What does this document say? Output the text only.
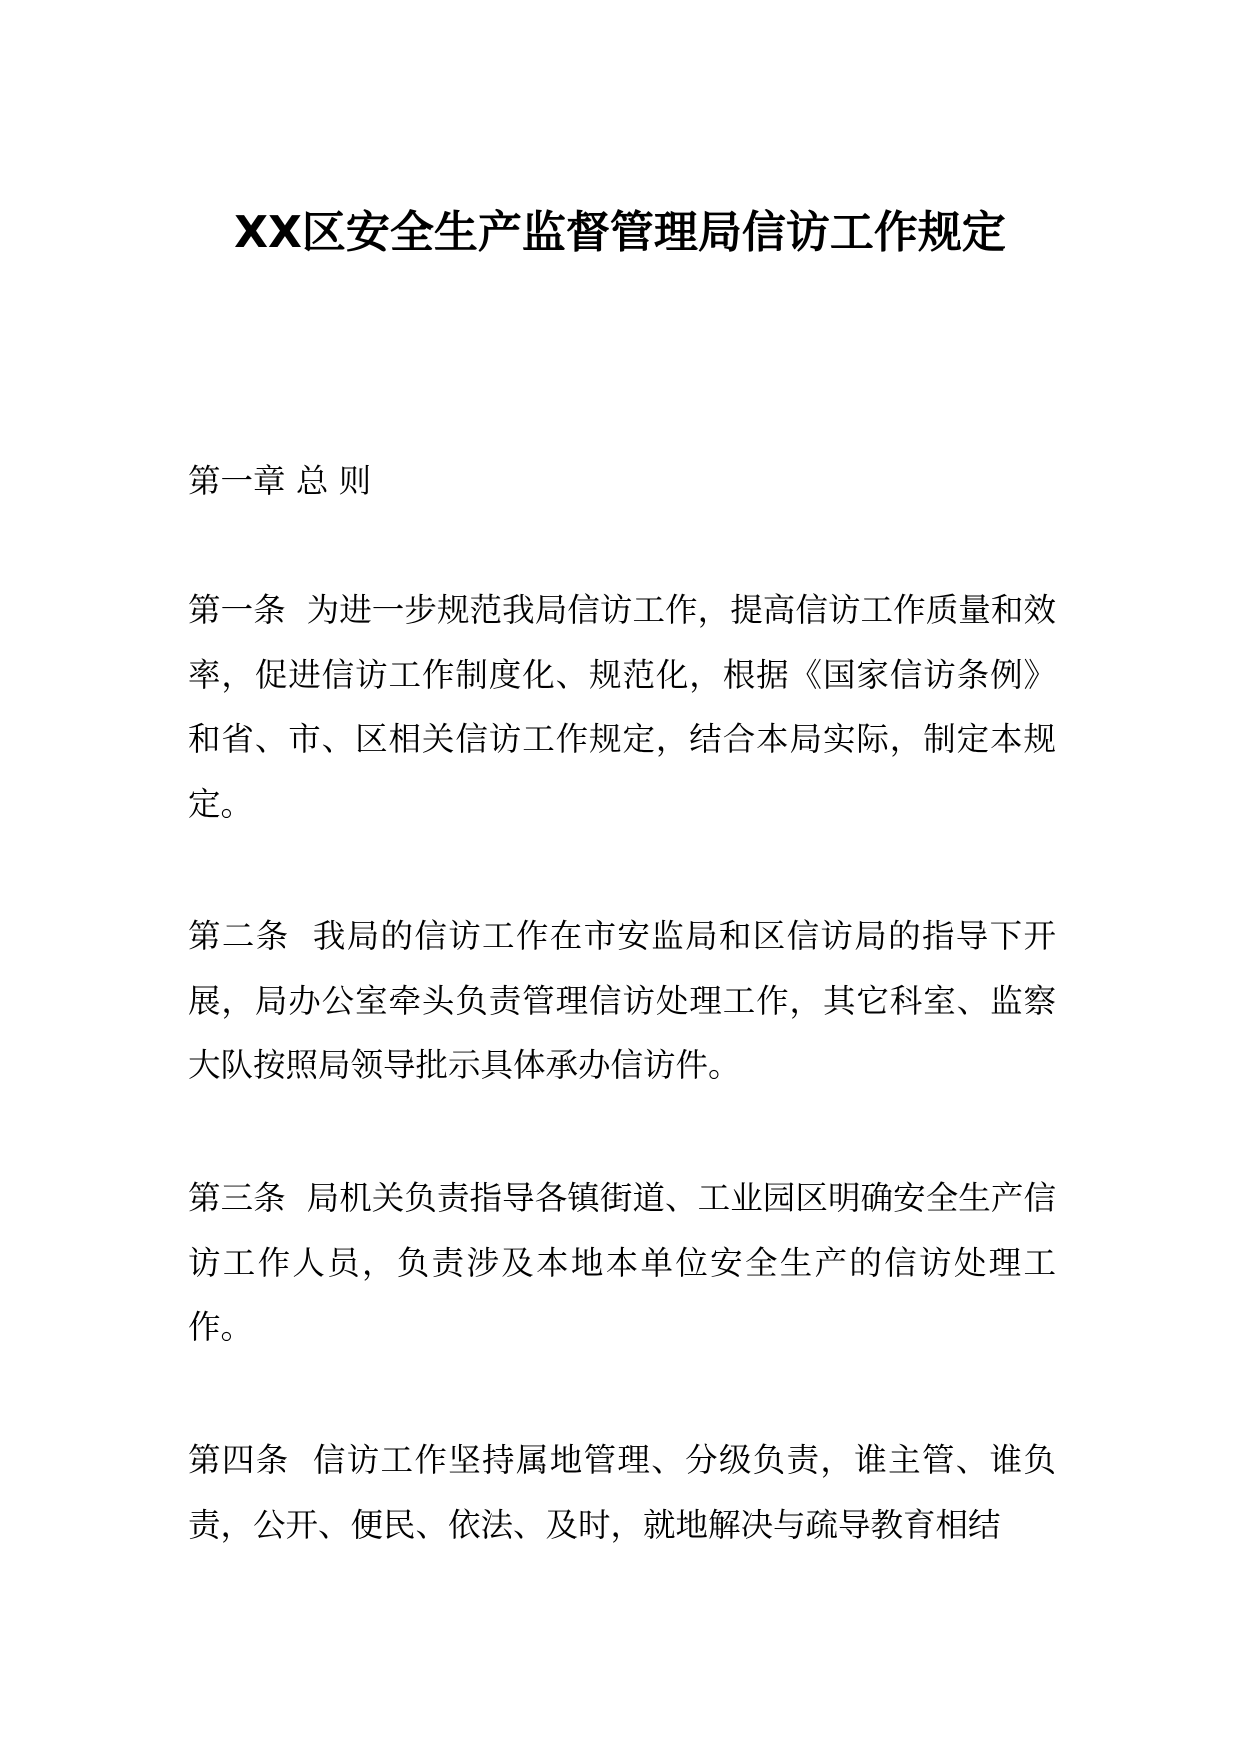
XX区安全生产监督管理局信访工作规定
第一章 总 则
第一条 为进一步规范我局信访工作，提高信访工作质量和效率，促进信访工作制度化、规范化，根据《国家信访条例》和省、市、区相关信访工作规定，结合本局实际，制定本规定。
第二条 我局的信访工作在市安监局和区信访局的指导下开展，局办公室牵头负责管理信访处理工作，其它科室、监察大队按照局领导批示具体承办信访件。
第三条 局机关负责指导各镇街道、工业园区明确安全生产信访工作人员，负责涉及本地本单位安全生产的信访处理工作。
第四条 信访工作坚持属地管理、分级负责，谁主管、谁负责，公开、便民、依法、及时，就地解决与疏导教育相结
